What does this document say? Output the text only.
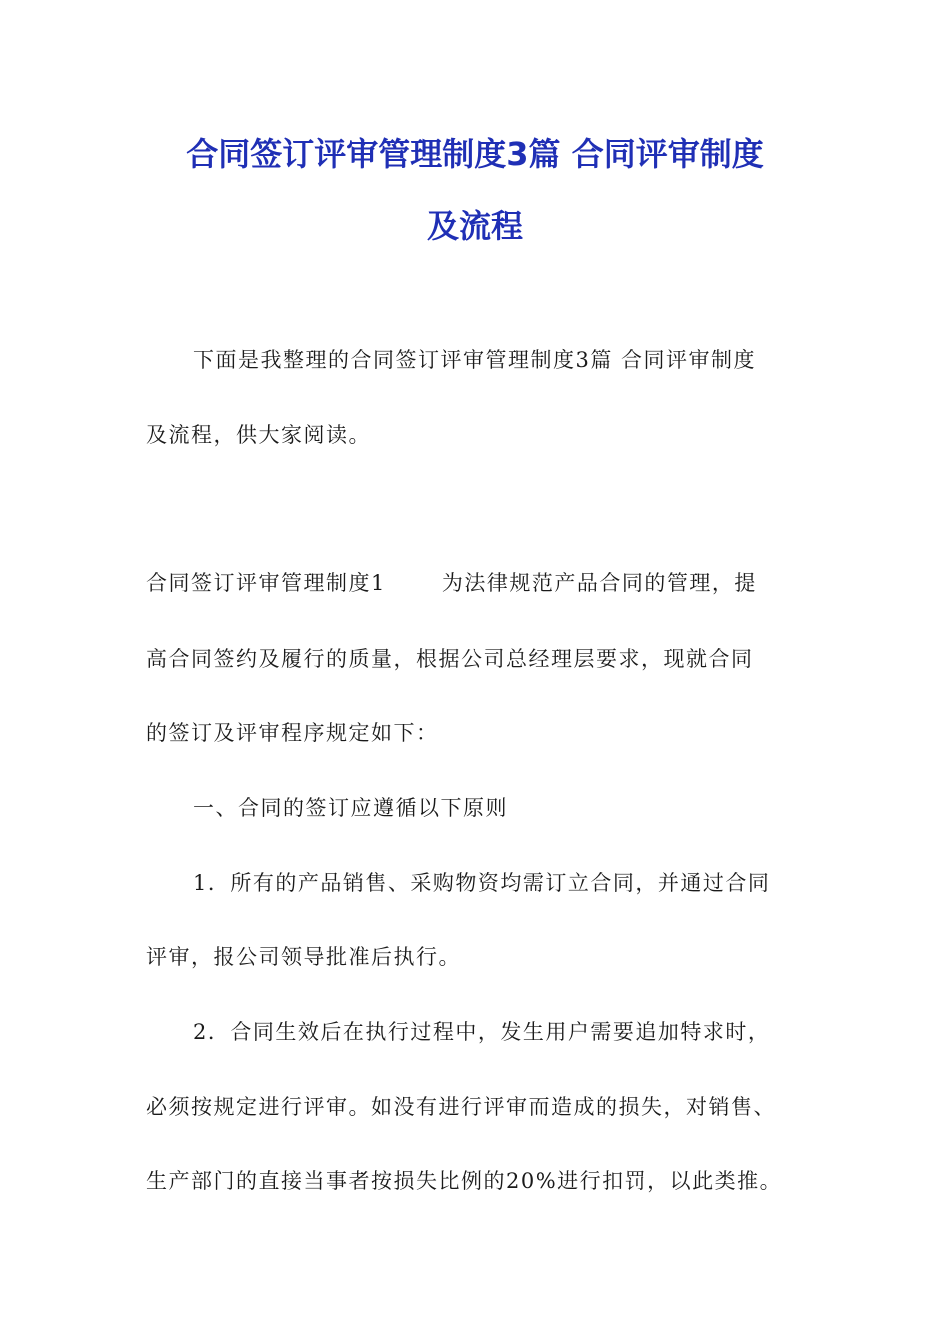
合同签订评审管理制度3篇 合同评审制度
及流程
下面是我整理的合同签订评审管理制度3篇 合同评审制度
及流程，供大家阅读。
合同签订评审管理制度1	为法律规范产品合同的管理，提
高合同签约及履行的质量，根据公司总经理层要求，现就合同
的签订及评审程序规定如下：
一、合同的签订应遵循以下原则
1．所有的产品销售、采购物资均需订立合同，并通过合同
评审，报公司领导批准后执行。
2．合同生效后在执行过程中，发生用户需要追加特求时，
必须按规定进行评审。如没有进行评审而造成的损失，对销售、
生产部门的直接当事者按损失比例的20%进行扣罚，以此类推。
